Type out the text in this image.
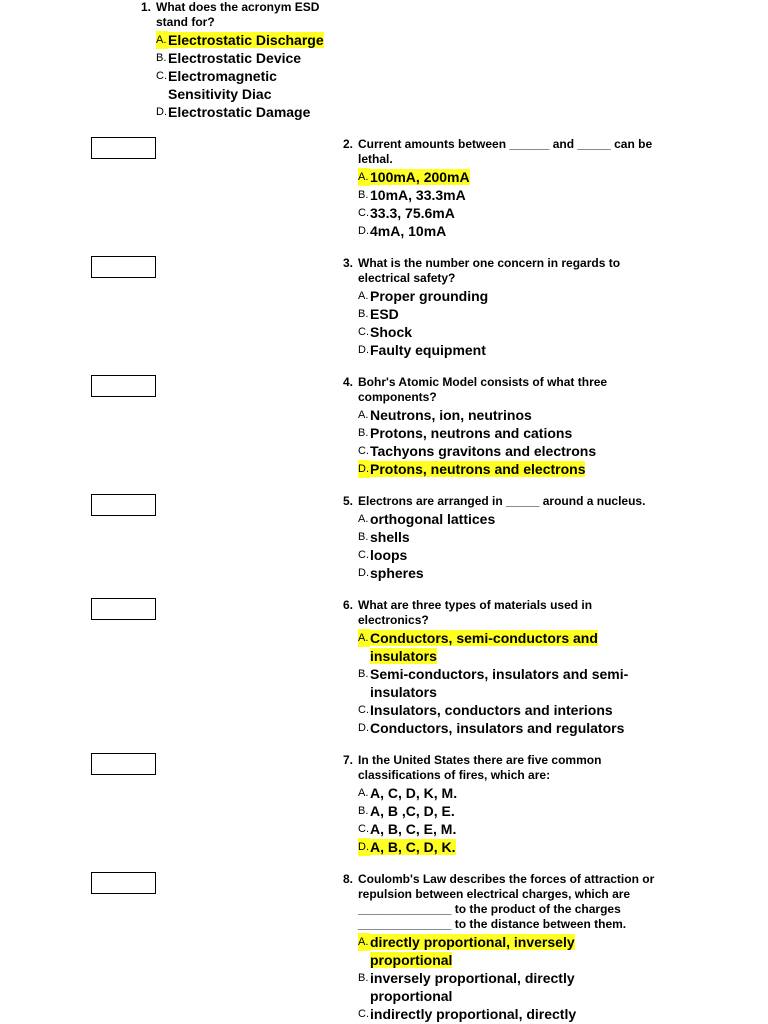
1. What does the acronym ESD stand for?
A. Electrostatic Discharge
B. Electrostatic Device
C. Electromagnetic Sensitivity Diac
D. Electrostatic Damage
2. Current amounts between ______ and _____ can be lethal.
A. 100mA, 200mA
B. 10mA, 33.3mA
C. 33.3, 75.6mA
D. 4mA, 10mA
3. What is the number one concern in regards to electrical safety?
A. Proper grounding
B. ESD
C. Shock
D. Faulty equipment
4. Bohr's Atomic Model consists of what three components?
A. Neutrons, ion, neutrinos
B. Protons, neutrons and cations
C. Tachyons gravitons and electrons
D. Protons, neutrons and electrons
5. Electrons are arranged in _____ around a nucleus.
A. orthogonal lattices
B. shells
C. loops
D. spheres
6. What are three types of materials used in electronics?
A. Conductors, semi-conductors and insulators
B. Semi-conductors, insulators and semi-insulators
C. Insulators, conductors and interions
D. Conductors, insulators and regulators
7. In the United States there are five common classifications of fires, which are:
A. A, C, D, K, M.
B. A, B ,C, D, E.
C. A, B, C, E, M.
D. A, B, C, D, K.
8. Coulomb's Law describes the forces of attraction or repulsion between electrical charges, which are ______________ to the product of the charges ______________ to the distance between them.
A. directly proportional, inversely proportional
B. inversely proportional, directly proportional
C. indirectly proportional, directly
